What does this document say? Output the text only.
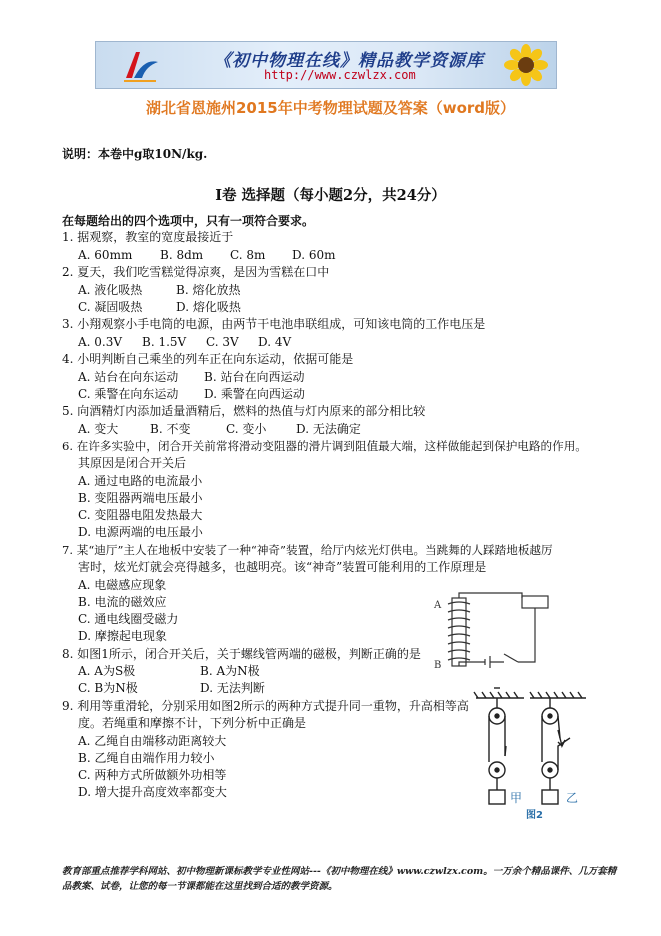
《初中物理在线》精品教学资源库
http://www.czwlzx.com
湖北省恩施州2015年中考物理试题及答案（word版）
说明：本卷中g取10N/kg.
Ⅰ卷 选择题（每小题2分，共24分）
在每题给出的四个选项中，只有一项符合要求。
1. 据观察，教室的宽度最接近于
A. 60mm B. 8dm C. 8m D. 60m
2. 夏天，我们吃雪糕觉得凉爽，是因为雪糕在口中
A. 液化吸热	B. 熔化放热
C. 凝固吸热	D. 熔化吸热
3. 小翔观察小手电筒的电源，由两节干电池串联组成，可知该电筒的工作电压是
A. 0.3V B. 1.5V C. 3V D. 4V
4. 小明判断自己乘坐的列车正在向东运动，依据可能是
A. 站台在向东运动 B. 站台在向西运动
C. 乘警在向东运动 D. 乘警在向西运动
5. 向酒精灯内添加适量酒精后，燃料的热值与灯内原来的部分相比较
A. 变大	B. 不变	C. 变小 D. 无法确定
6. 在许多实验中，闭合开关前常将滑动变阻器的滑片调到阻值最大端，这样做能起到保护电路的作用。
其原因是闭合开关后
A. 通过电路的电流最小
B. 变阻器两端电压最小
C. 变阻器电阻发热最大
D. 电源两端的电压最小
7. 某“迪厅”主人在地板中安装了一种“神奇”装置，给厅内炫光灯供电。当跳舞的人踩踏地板越厉
害时，炫光灯就会亮得越多，也越明亮。该“神奇”装置可能利用的工作原理是
A. 电磁感应现象
B. 电流的磁效应
C. 通电线圈受磁力
D. 摩擦起电现象
A
B
8. 如图1所示，闭合开关后，关于螺线管两端的磁极，判断正确的是
A. A为S极	B. A为N极
C. B为N极	D. 无法判断
9. 利用等重滑轮，分别采用如图2所示的两种方式提升同一重物，升高相等高
度。若绳重和摩擦不计，下列分析中正确是
A. 乙绳自由端移动距离较大
B. 乙绳自由端作用力较小
C. 两种方式所做额外功相等
D. 增大提升高度效率都变大	甲	乙
图2
教育部重点推荐学科网站、初中物理新课标教学专业性网站---《初中物理在线》www.czwlzx.com。一万余个精品课件、几万套精品教案、试卷，让您的每一节课都能在这里找到合适的教学资源。
